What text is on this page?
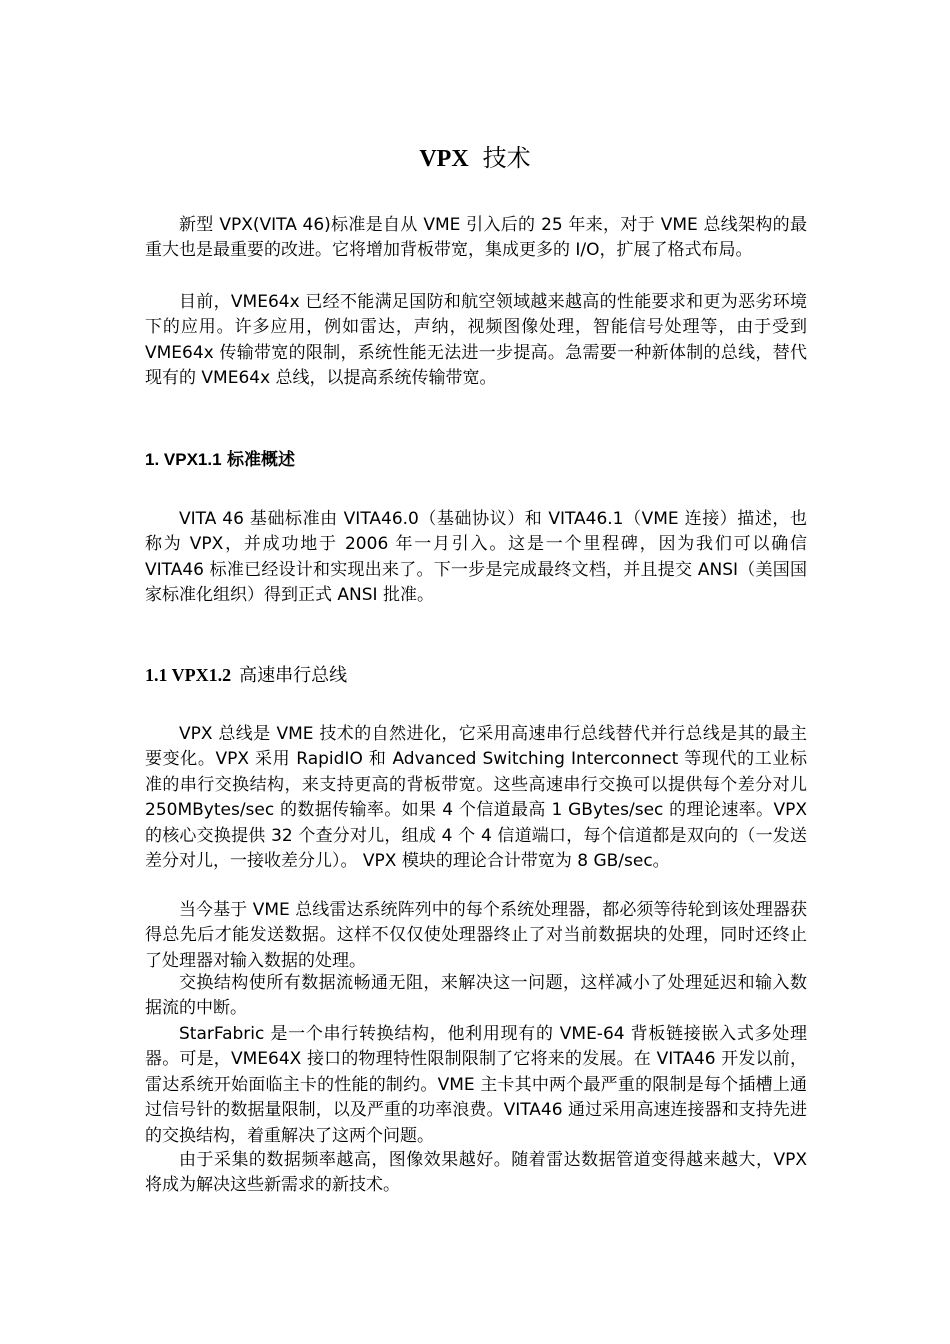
VPX 技术

新型 VPX(VITA 46)标准是自从 VME 引入后的 25 年来，对于 VME 总线架构的最重大也是最重要的改进。它将增加背板带宽，集成更多的 I/O，扩展了格式布局。

目前，VME64x 已经不能满足国防和航空领域越来越高的性能要求和更为恶劣环境下的应用。许多应用，例如雷达，声纳，视频图像处理，智能信号处理等，由于受到 VME64x 传输带宽的限制，系统性能无法进一步提高。急需要一种新体制的总线，替代现有的 VME64x 总线，以提高系统传输带宽。

1. VPX1.1 标准概述

VITA 46 基础标准由 VITA46.0（基础协议）和 VITA46.1（VME 连接）描述，也称为 VPX，并成功地于 2006 年一月引入。这是一个里程碑，因为我们可以确信 VITA46 标准已经设计和实现出来了。下一步是完成最终文档，并且提交 ANSI（美国国家标准化组织）得到正式 ANSI 批准。

1.1 VPX1.2 高速串行总线

VPX 总线是 VME 技术的自然进化，它采用高速串行总线替代并行总线是其的最主要变化。VPX 采用 RapidIO 和 Advanced Switching Interconnect 等现代的工业标准的串行交换结构，来支持更高的背板带宽。这些高速串行交换可以提供每个差分对儿 250MBytes/sec 的数据传输率。如果 4 个信道最高 1 GBytes/sec 的理论速率。VPX 的核心交换提供 32 个查分对儿，组成 4 个 4 信道端口，每个信道都是双向的（一发送差分对儿，一接收差分儿）。 VPX 模块的理论合计带宽为 8 GB/sec。

当今基于 VME 总线雷达系统阵列中的每个系统处理器，都必须等待轮到该处理器获得总先后才能发送数据。这样不仅仅使处理器终止了对当前数据块的处理，同时还终止了处理器对输入数据的处理。

交换结构使所有数据流畅通无阻，来解决这一问题，这样减小了处理延迟和输入数据流的中断。

StarFabric 是一个串行转换结构，他利用现有的 VME-64 背板链接嵌入式多处理器。可是，VME64X 接口的物理特性限制限制了它将来的发展。在 VITA46 开发以前，雷达系统开始面临主卡的性能的制约。VME 主卡其中两个最严重的限制是每个插槽上通过信号针的数据量限制，以及严重的功率浪费。VITA46 通过采用高速连接器和支持先进的交换结构，着重解决了这两个问题。

由于采集的数据频率越高，图像效果越好。随着雷达数据管道变得越来越大，VPX 将成为解决这些新需求的新技术。
